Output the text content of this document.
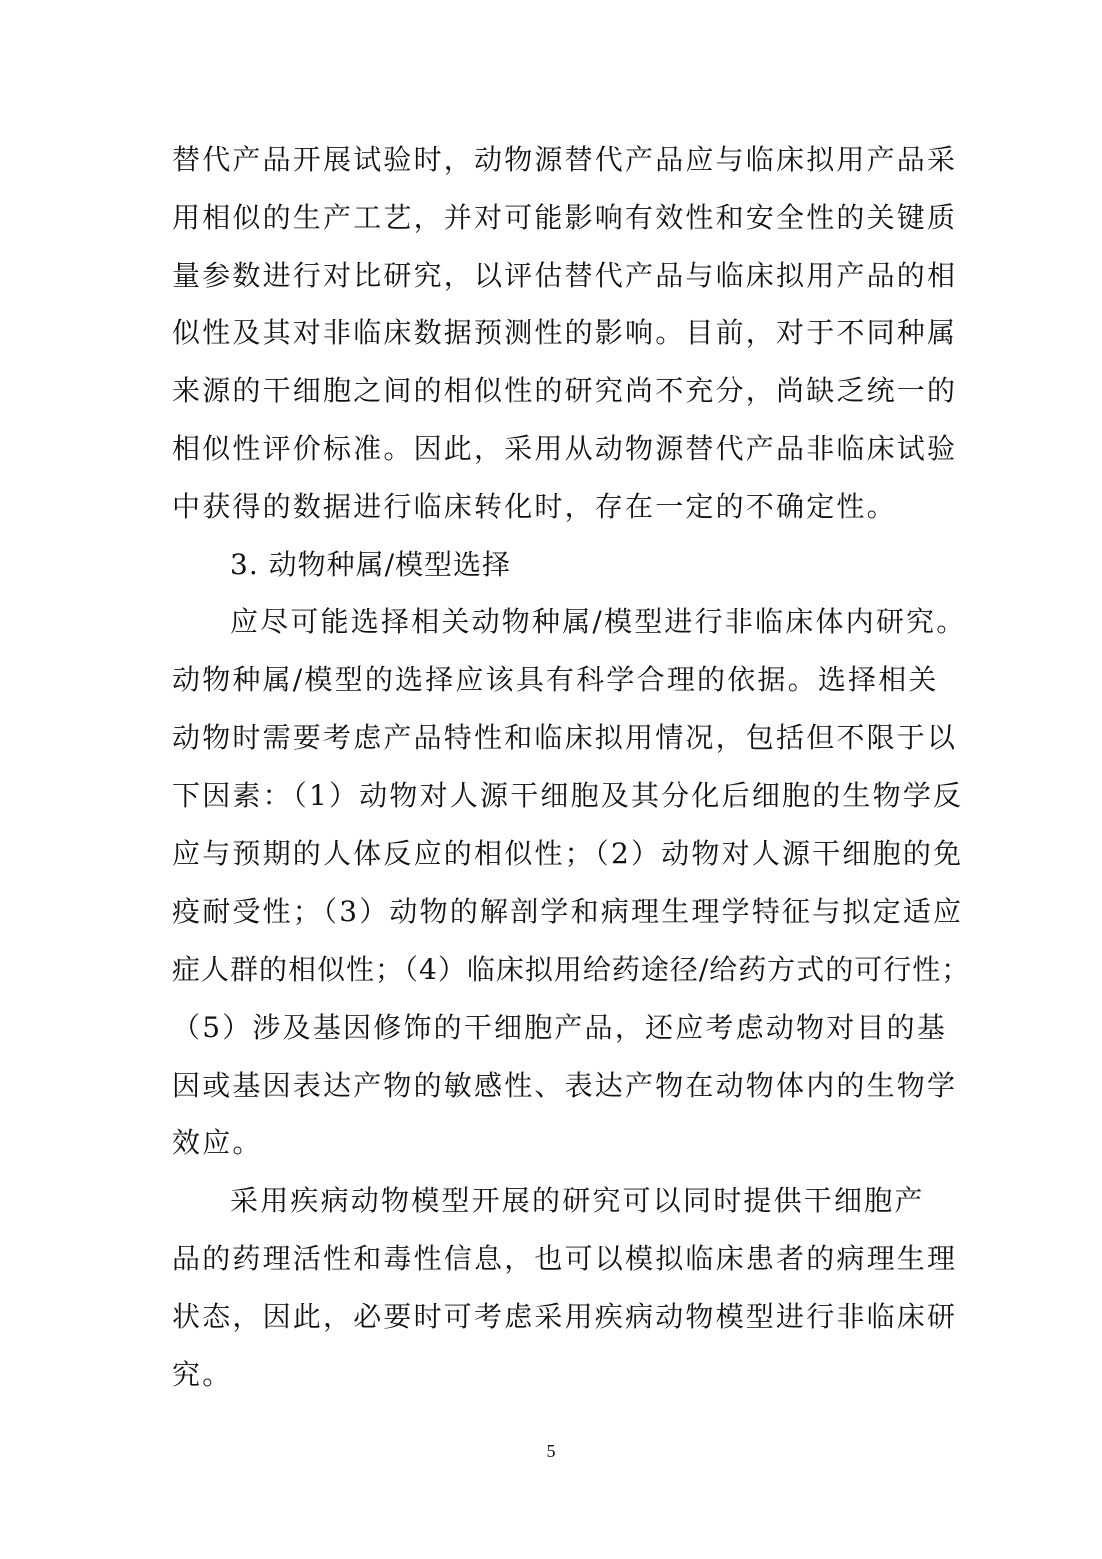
替代产品开展试验时，动物源替代产品应与临床拟用产品采
用相似的生产工艺，并对可能影响有效性和安全性的关键质
量参数进行对比研究，以评估替代产品与临床拟用产品的相
似性及其对非临床数据预测性的影响。目前，对于不同种属
来源的干细胞之间的相似性的研究尚不充分，尚缺乏统一的
相似性评价标准。因此，采用从动物源替代产品非临床试验
中获得的数据进行临床转化时，存在一定的不确定性。
3. 动物种属/模型选择
应尽可能选择相关动物种属/模型进行非临床体内研究。
动物种属/模型的选择应该具有科学合理的依据。选择相关
动物时需要考虑产品特性和临床拟用情况，包括但不限于以
下因素：（1）动物对人源干细胞及其分化后细胞的生物学反
应与预期的人体反应的相似性；（2）动物对人源干细胞的免
疫耐受性；（3）动物的解剖学和病理生理学特征与拟定适应
症人群的相似性；（4）临床拟用给药途径/给药方式的可行性；
（5）涉及基因修饰的干细胞产品，还应考虑动物对目的基
因或基因表达产物的敏感性、表达产物在动物体内的生物学
效应。
采用疾病动物模型开展的研究可以同时提供干细胞产
品的药理活性和毒性信息，也可以模拟临床患者的病理生理
状态，因此，必要时可考虑采用疾病动物模型进行非临床研
究。
5
